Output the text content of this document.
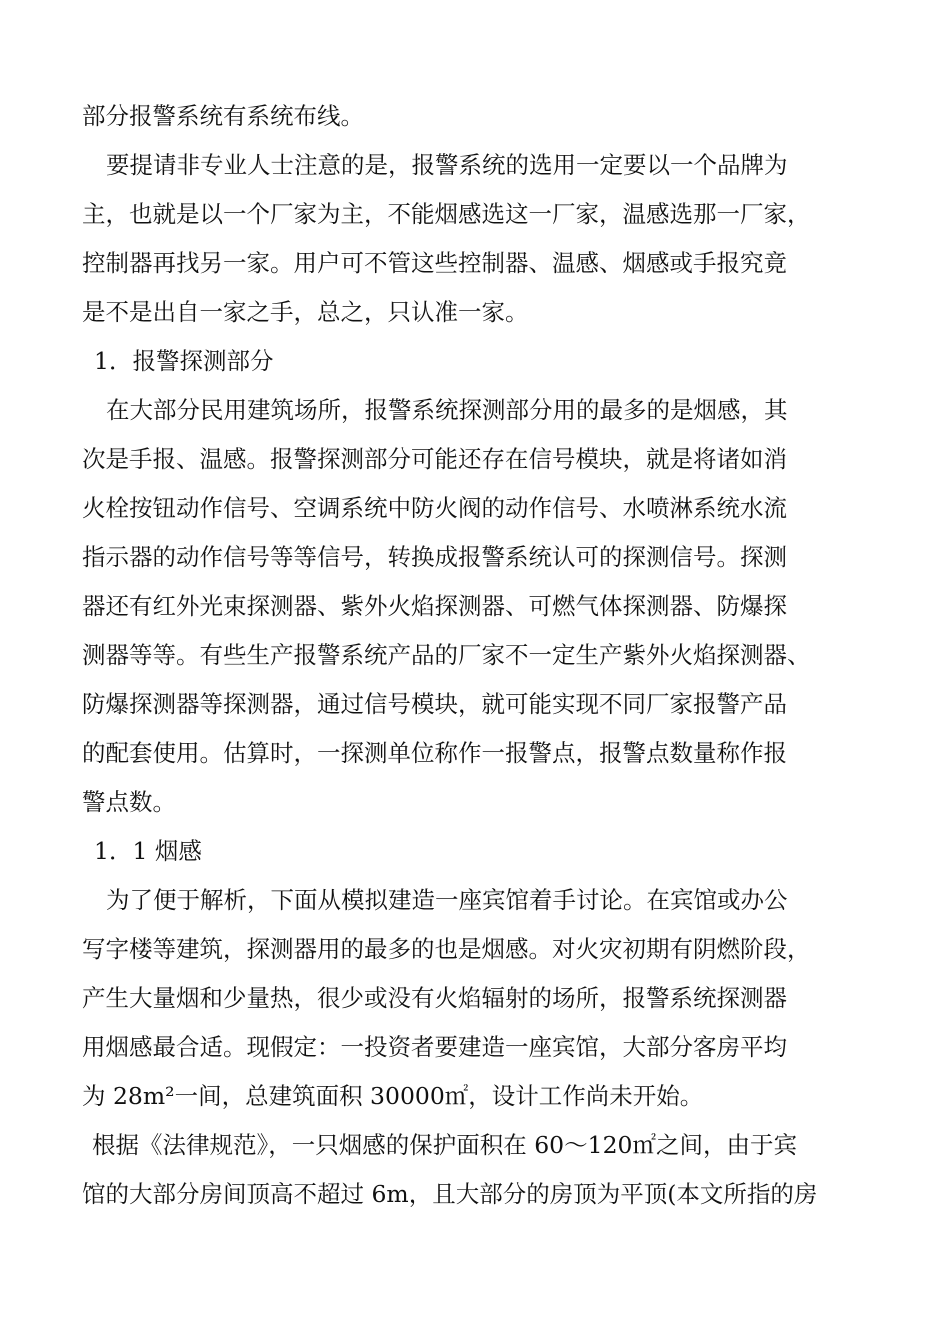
部分报警系统有系统布线。
要提请非专业人士注意的是，报警系统的选用一定要以一个品牌为
主，也就是以一个厂家为主，不能烟感选这一厂家，温感选那一厂家，
控制器再找另一家。用户可不管这些控制器、温感、烟感或手报究竟
是不是出自一家之手，总之，只认准一家。
1．报警探测部分
在大部分民用建筑场所，报警系统探测部分用的最多的是烟感，其
次是手报、温感。报警探测部分可能还存在信号模块，就是将诸如消
火栓按钮动作信号、空调系统中防火阀的动作信号、水喷淋系统水流
指示器的动作信号等等信号，转换成报警系统认可的探测信号。探测
器还有红外光束探测器、紫外火焰探测器、可燃气体探测器、防爆探
测器等等。有些生产报警系统产品的厂家不一定生产紫外火焰探测器、
防爆探测器等探测器，通过信号模块，就可能实现不同厂家报警产品
的配套使用。估算时，一探测单位称作一报警点，报警点数量称作报
警点数。
1．1 烟感
为了便于解析，下面从模拟建造一座宾馆着手讨论。在宾馆或办公
写字楼等建筑，探测器用的最多的也是烟感。对火灾初期有阴燃阶段，
产生大量烟和少量热，很少或没有火焰辐射的场所，报警系统探测器
用烟感最合适。现假定：一投资者要建造一座宾馆，大部分客房平均
为 28m²一间，总建筑面积 30000㎡，设计工作尚未开始。
根据《法律规范》，一只烟感的保护面积在 60～120㎡之间，由于宾
馆的大部分房间顶高不超过 6m，且大部分的房顶为平顶(本文所指的房
